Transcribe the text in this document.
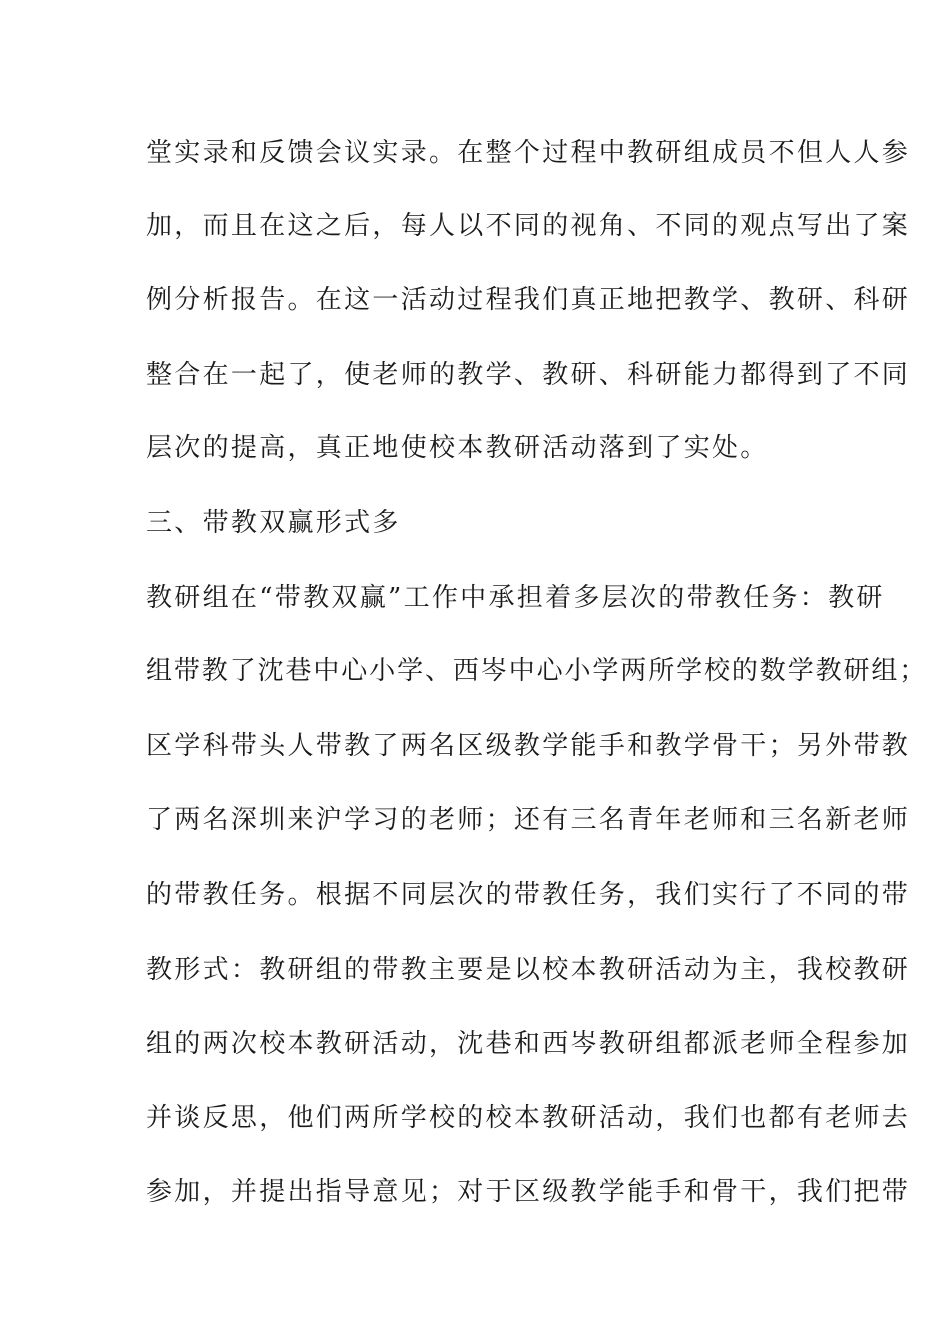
堂实录和反馈会议实录。在整个过程中教研组成员不但人人参
加，而且在这之后，每人以不同的视角、不同的观点写出了案
例分析报告。在这一活动过程我们真正地把教学、教研、科研
整合在一起了，使老师的教学、教研、科研能力都得到了不同
层次的提高，真正地使校本教研活动落到了实处。
三、带教双赢形式多
教研组在“带教双赢”工作中承担着多层次的带教任务：教研
组带教了沈巷中心小学、西岑中心小学两所学校的数学教研组；
区学科带头人带教了两名区级教学能手和教学骨干；另外带教
了两名深圳来沪学习的老师；还有三名青年老师和三名新老师
的带教任务。根据不同层次的带教任务，我们实行了不同的带
教形式：教研组的带教主要是以校本教研活动为主，我校教研
组的两次校本教研活动，沈巷和西岑教研组都派老师全程参加
并谈反思，他们两所学校的校本教研活动，我们也都有老师去
参加，并提出指导意见；对于区级教学能手和骨干，我们把带
